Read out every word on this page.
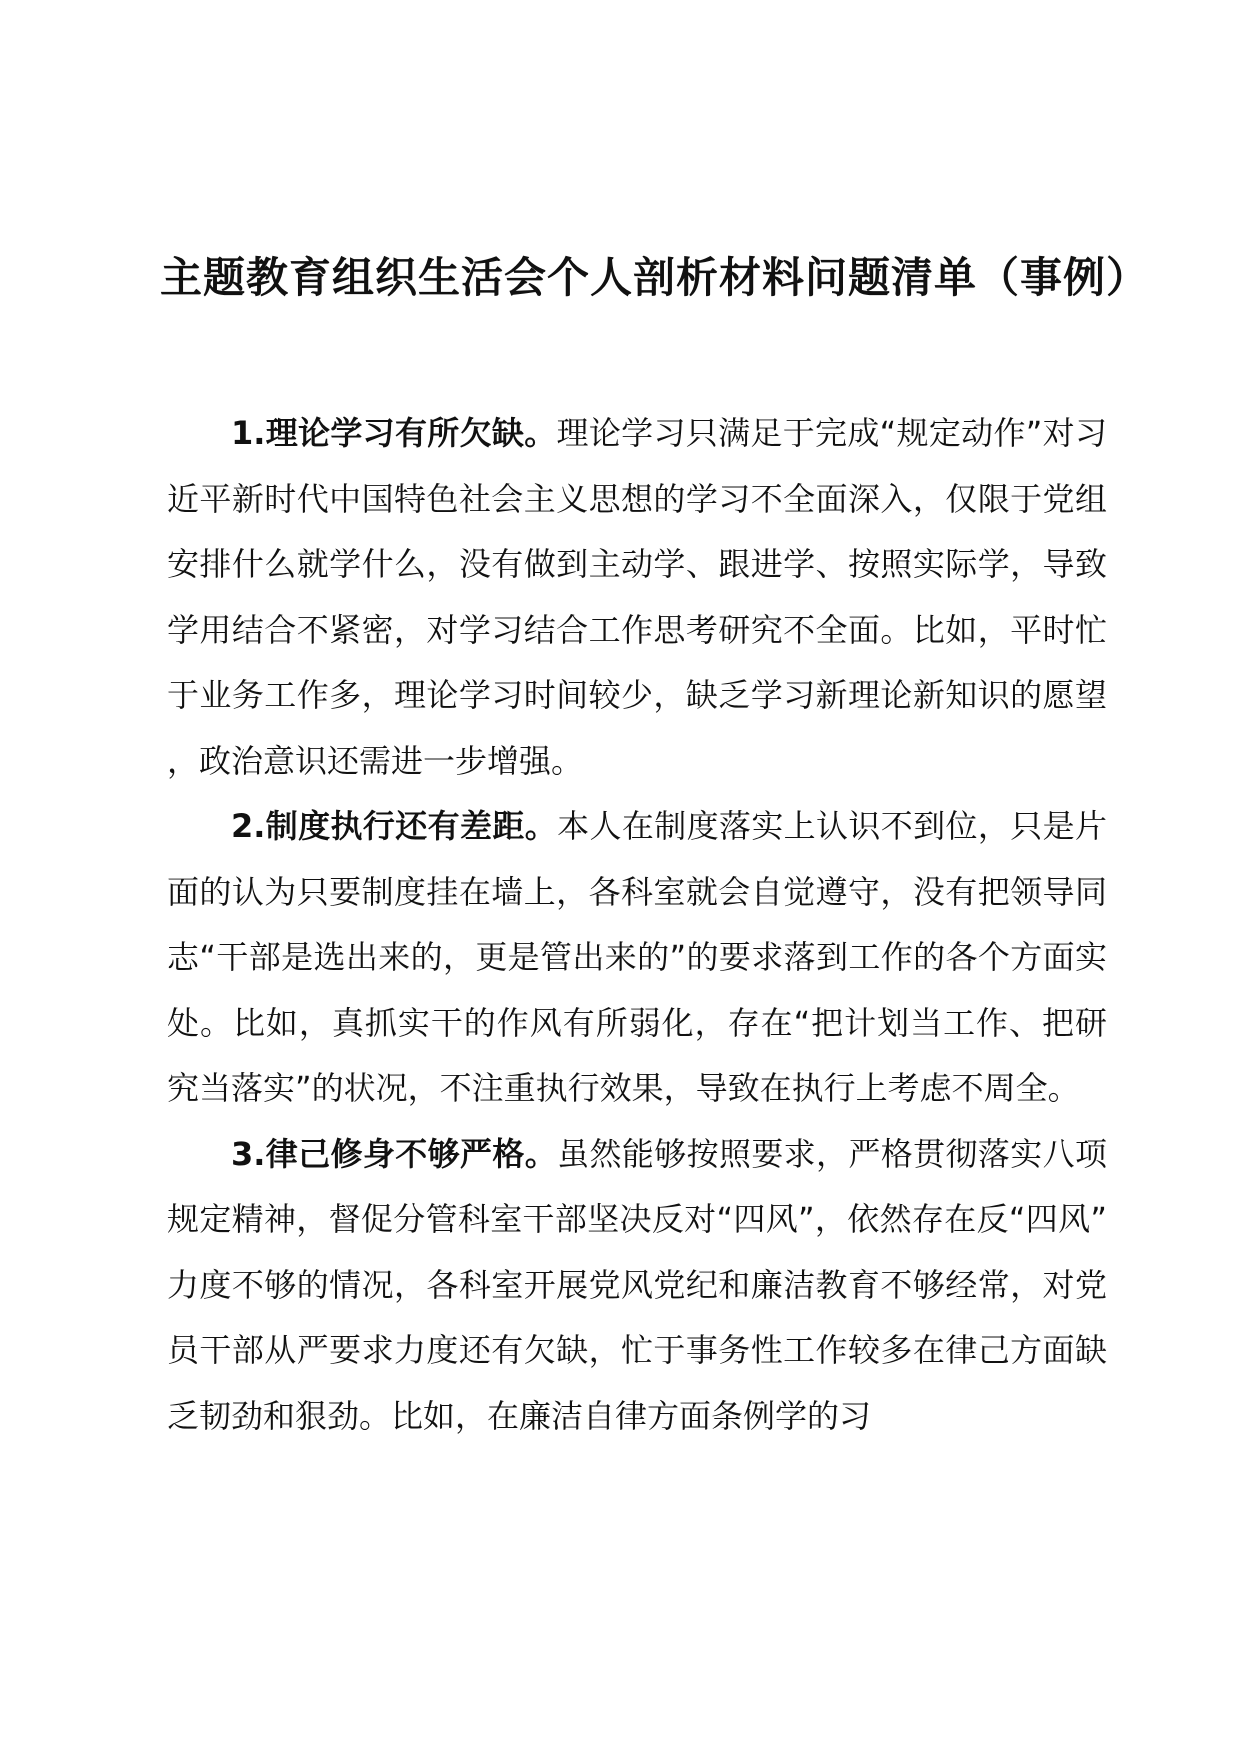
主题教育组织生活会个人剖析材料问题清单（事例）

1.理论学习有所欠缺。理论学习只满足于完成“规定动作”对习近平新时代中国特色社会主义思想的学习不全面深入，仅限于党组安排什么就学什么，没有做到主动学、跟进学、按照实际学，导致学用结合不紧密，对学习结合工作思考研究不全面。比如，平时忙于业务工作多，理论学习时间较少，缺乏学习新理论新知识的愿望，政治意识还需进一步增强。

2.制度执行还有差距。本人在制度落实上认识不到位，只是片面的认为只要制度挂在墙上，各科室就会自觉遵守，没有把领导同志“干部是选出来的，更是管出来的”的要求落到工作的各个方面实处。比如，真抓实干的作风有所弱化，存在“把计划当工作、把研究当落实”的状况，不注重执行效果，导致在执行上考虑不周全。

3.律己修身不够严格。虽然能够按照要求，严格贯彻落实八项规定精神，督促分管科室干部坚决反对“四风”，依然存在反“四风”力度不够的情况，各科室开展党风党纪和廉洁教育不够经常，对党员干部从严要求力度还有欠缺，忙于事务性工作较多在律己方面缺乏韧劲和狠劲。比如，在廉洁自律方面条例学的习
